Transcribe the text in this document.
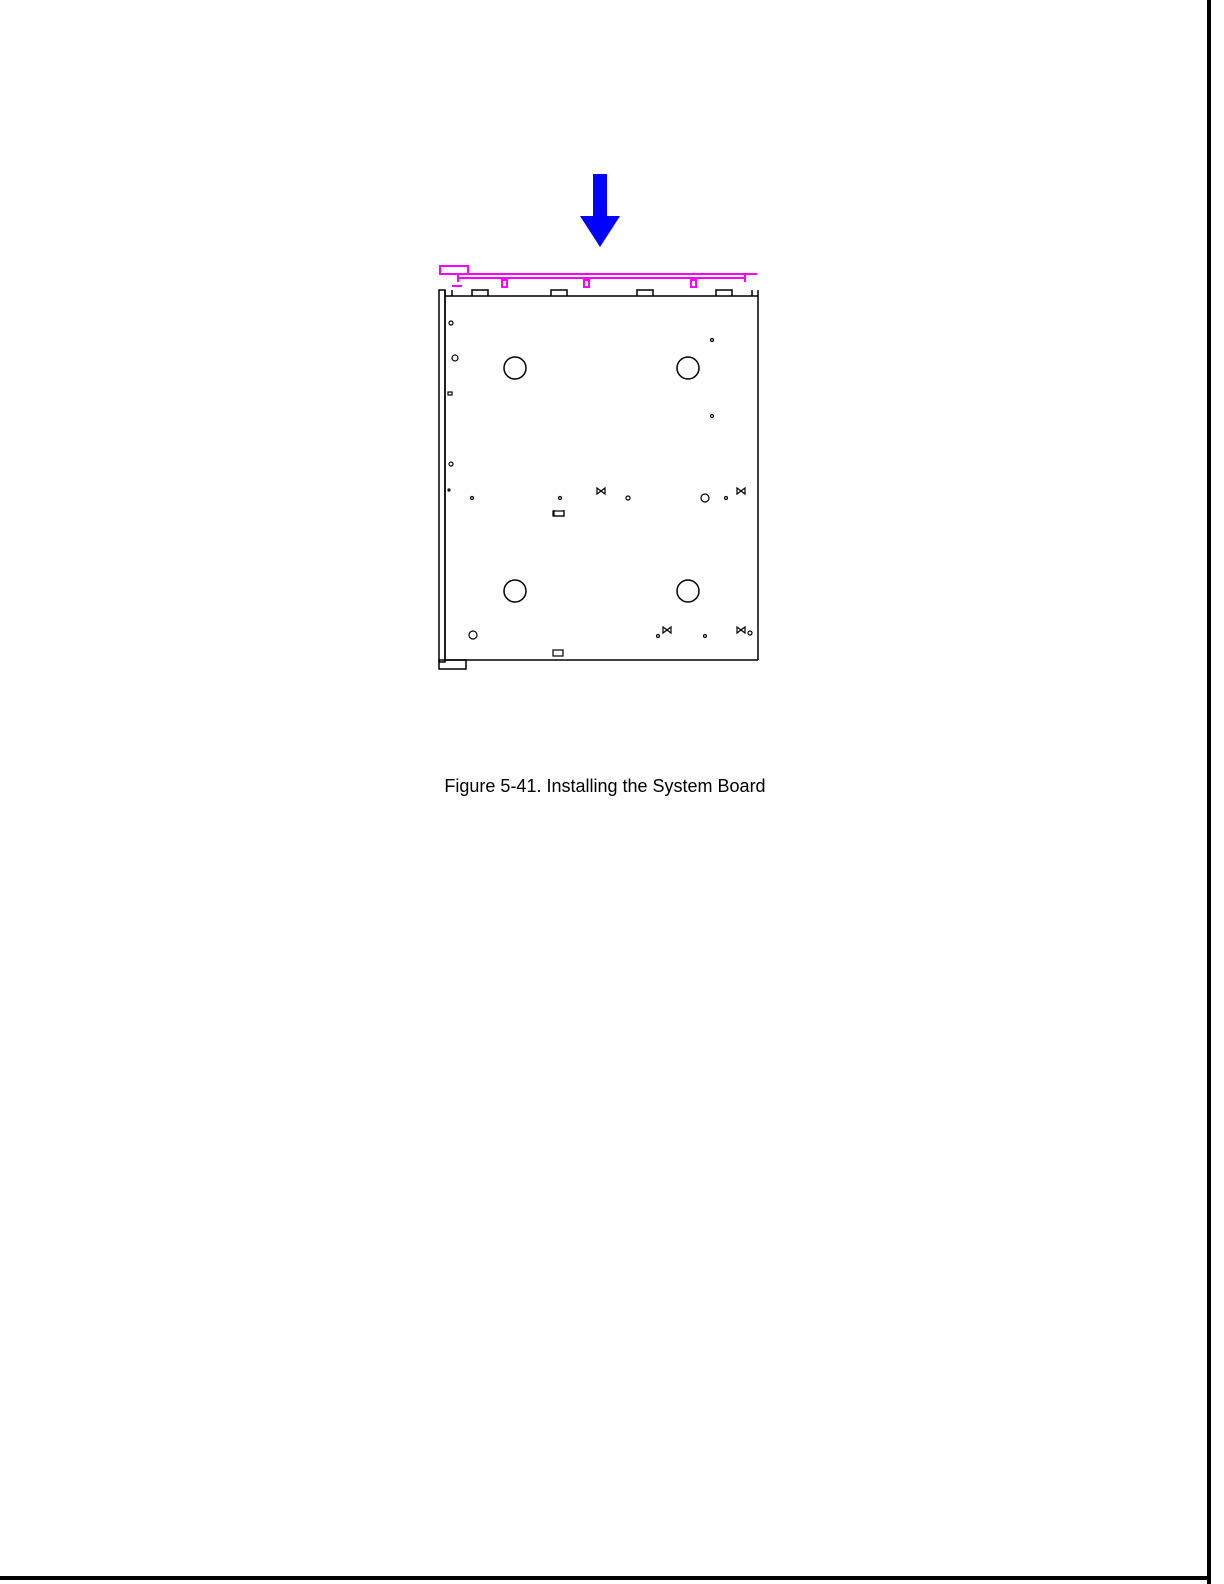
Figure 5-41. Installing the System Board
